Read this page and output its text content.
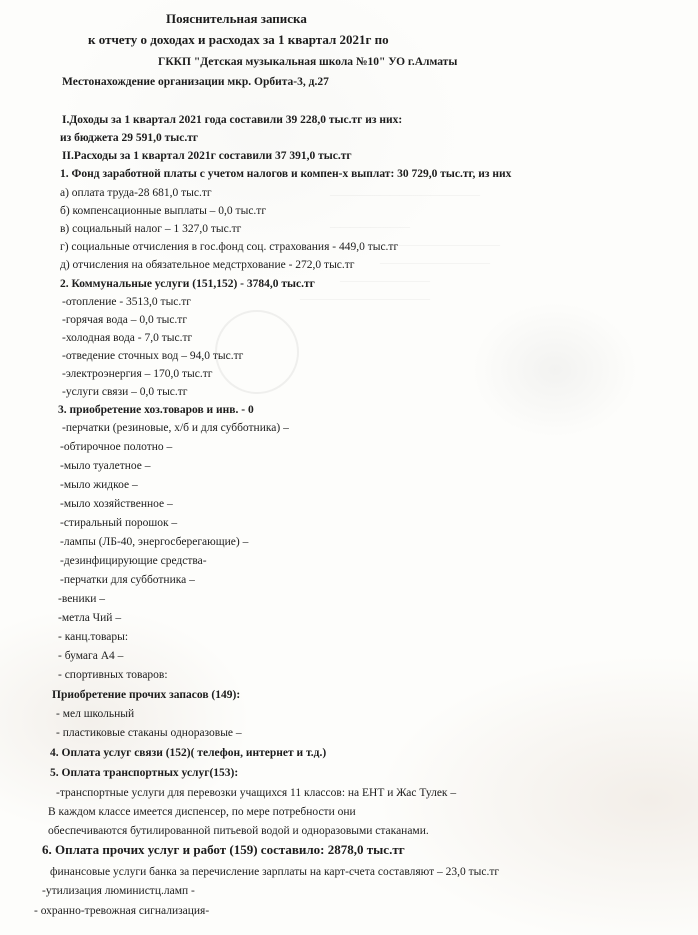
———————————————
————————
————————————
———————————
—————————
—————————————
Пояснительная записка
к отчету о доходах и расходах за 1 квартал 2021г по
ГККП "Детская музыкальная школа №10" УО г.Алматы
Местонахождение организации мкр. Орбита-3, д.27
I.Доходы за 1 квартал 2021 года составили 39 228,0 тыс.тг из них:
из бюджета 29 591,0 тыс.тг
II.Расходы за 1 квартал 2021г составили 37 391,0 тыс.тг
1. Фонд заработной платы с учетом налогов и компен-х выплат: 30 729,0 тыс.тг, из них
а) оплата труда-28 681,0 тыс.тг
б) компенсационные выплаты – 0,0 тыс.тг
в) социальный налог – 1 327,0 тыс.тг
г) социальные отчисления в гос.фонд соц. страхования - 449,0 тыс.тг
д) отчисления на обязательное медстрхование - 272,0 тыс.тг
2. Коммунальные услуги (151,152) - 3784,0 тыс.тг
-отопление - 3513,0 тыс.тг
-горячая вода – 0,0 тыс.тг
-холодная вода - 7,0 тыс.тг
-отведение сточных вод – 94,0 тыс.тг
-электроэнергия – 170,0 тыс.тг
-услуги связи – 0,0 тыс.тг
3. приобретение хоз.товаров и инв. - 0
-перчатки (резиновые, х/б и для субботника) –
-обтирочное полотно –
-мыло туалетное –
-мыло жидкое –
-мыло хозяйственное –
-стиральный порошок –
-лампы (ЛБ-40, энергосберегающие) –
-дезинфицирующие средства-
-перчатки для субботника –
-веники –
-метла Чий –
- канц.товары:
- бумага А4 –
- спортивных товаров:
Приобретение прочих запасов (149):
- мел школьный
- пластиковые стаканы одноразовые –
4. Оплата услуг связи (152)( телефон, интернет и т.д.)
5. Оплата транспортных услуг(153):
-транспортные услуги для перевозки учащихся 11 классов: на ЕНТ и Жас Тулек –
В каждом классе имеется диспенсер, по мере потребности они
обеспечиваются бутилированной питьевой водой и одноразовыми стаканами.
6. Оплата прочих услуг и работ (159) составило: 2878,0 тыс.тг
финансовые услуги банка за перечисление зарплаты на карт-счета составляют – 23,0 тыс.тг
-утилизация люминистц.ламп -
- охранно-тревожная сигнализация-
